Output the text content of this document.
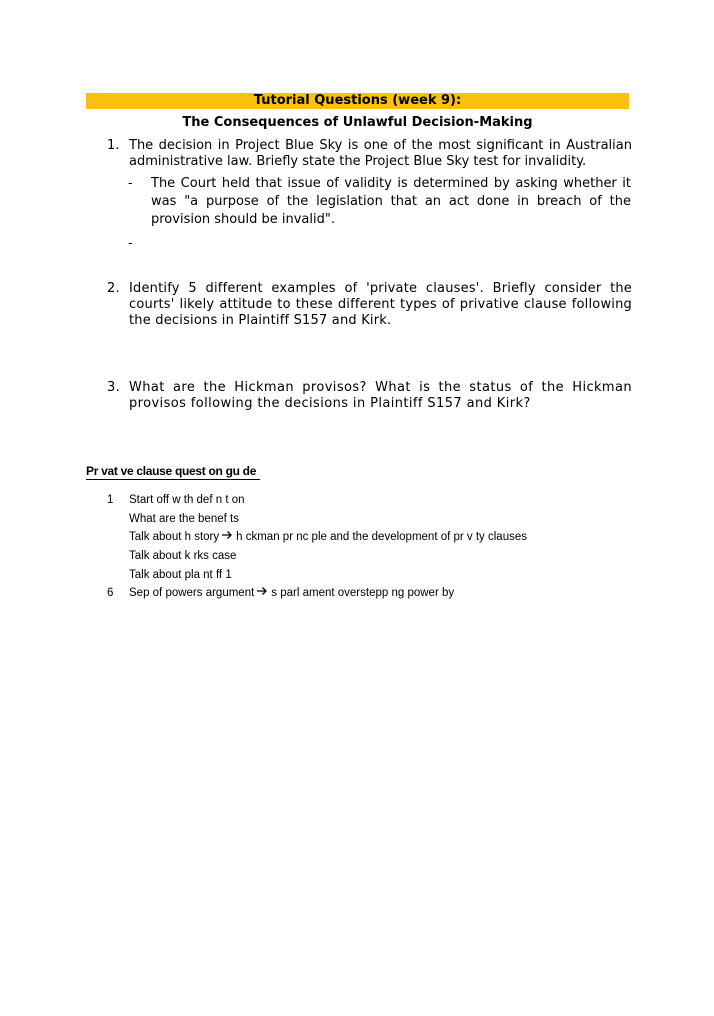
Tutorial Questions (week 9):
The Consequences of Unlawful Decision-Making
1. The decision in Project Blue Sky is one of the most significant in Australian administrative law. Briefly state the Project Blue Sky test for invalidity.
- The Court held that issue of validity is determined by asking whether it was "a purpose of the legislation that an act done in breach of the provision should be invalid".
-
2. Identify 5 different examples of 'private clauses'. Briefly consider the courts' likely attitude to these different types of privative clause following the decisions in Plaintiff S157 and Kirk.
3. What are the Hickman provisos? What is the status of the Hickman provisos following the decisions in Plaintiff S157 and Kirk?
Pr vat ve clause quest on gu de
1 Start off w th def n t on
What are the benef ts
Talk about h story h ckman pr nc ple and the development of pr v ty clauses
Talk about k rks case
Talk about pla nt ff 1
6 Sep of powers argument s parl ament overstepp ng power by
